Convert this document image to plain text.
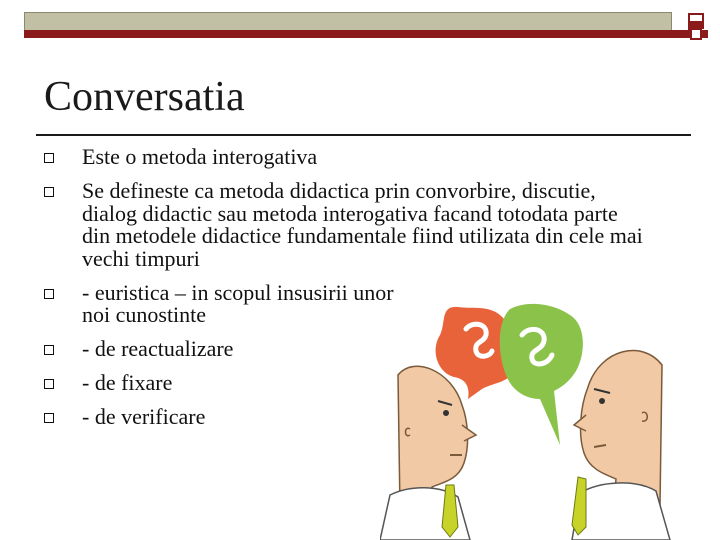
Conversatia
Este o metoda interogativa
Se defineste ca metoda didactica prin convorbire, discutie, dialog didactic sau metoda interogativa facand totodata parte din metodele didactice fundamentale fiind utilizata din cele mai vechi timpuri
- euristica – in scopul insusirii unor noi cunostinte
- de reactualizare
- de fixare
- de verificare
